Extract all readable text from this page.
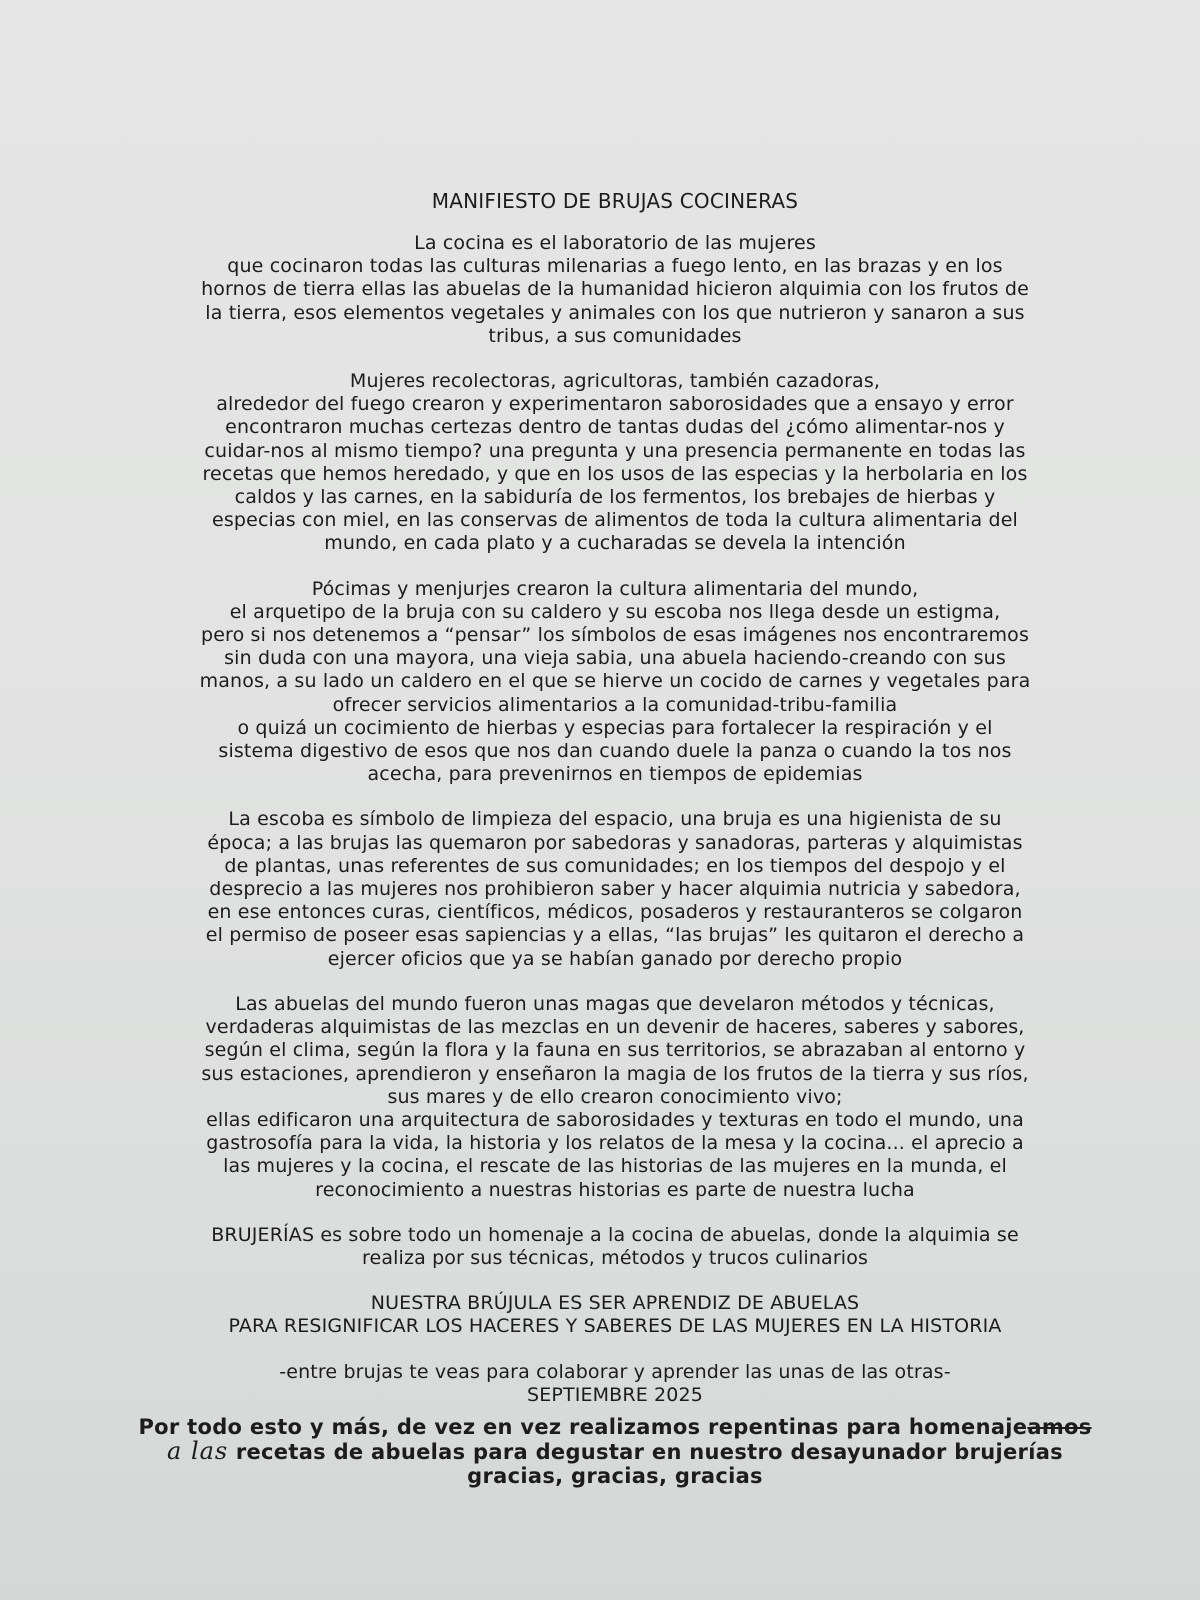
MANIFIESTO DE BRUJAS COCINERAS
La cocina es el laboratorio de las mujeres
que cocinaron todas las culturas milenarias a fuego lento, en las brazas y en los
hornos de tierra ellas las abuelas de la humanidad hicieron alquimia con los frutos de
la tierra, esos elementos vegetales y animales con los que nutrieron y sanaron a sus
tribus, a sus comunidades
Mujeres recolectoras, agricultoras, también cazadoras,
alrededor del fuego crearon y experimentaron saborosidades que a ensayo y error
encontraron muchas certezas dentro de tantas dudas del ¿cómo alimentar-nos y
cuidar-nos al mismo tiempo? una pregunta y una presencia permanente en todas las
recetas que hemos heredado, y que en los usos de las especias y la herbolaria en los
caldos y las carnes, en la sabiduría de los fermentos, los brebajes de hierbas y
especias con miel, en las conservas de alimentos de toda la cultura alimentaria del
mundo, en cada plato y a cucharadas se devela la intención
Pócimas y menjurjes crearon la cultura alimentaria del mundo,
el arquetipo de la bruja con su caldero y su escoba nos llega desde un estigma,
pero si nos detenemos a “pensar” los símbolos de esas imágenes nos encontraremos
sin duda con una mayora, una vieja sabia, una abuela haciendo-creando con sus
manos, a su lado un caldero en el que se hierve un cocido de carnes y vegetales para
ofrecer servicios alimentarios a la comunidad-tribu-familia
o quizá un cocimiento de hierbas y especias para fortalecer la respiración y el
sistema digestivo de esos que nos dan cuando duele la panza o cuando la tos nos
acecha, para prevenirnos en tiempos de epidemias
La escoba es símbolo de limpieza del espacio, una bruja es una higienista de su
época; a las brujas las quemaron por sabedoras y sanadoras, parteras y alquimistas
de plantas, unas referentes de sus comunidades; en los tiempos del despojo y el
desprecio a las mujeres nos prohibieron saber y hacer alquimia nutricia y sabedora,
en ese entonces curas, científicos, médicos, posaderos y restauranteros se colgaron
el permiso de poseer esas sapiencias y a ellas, “las brujas” les quitaron el derecho a
ejercer oficios que ya se habían ganado por derecho propio
Las abuelas del mundo fueron unas magas que develaron métodos y técnicas,
verdaderas alquimistas de las mezclas en un devenir de haceres, saberes y sabores,
según el clima, según la flora y la fauna en sus territorios, se abrazaban al entorno y
sus estaciones, aprendieron y enseñaron la magia de los frutos de la tierra y sus ríos,
sus mares y de ello crearon conocimiento vivo;
ellas edificaron una arquitectura de saborosidades y texturas en todo el mundo, una
gastrosofía para la vida, la historia y los relatos de la mesa y la cocina... el aprecio a
las mujeres y la cocina, el rescate de las historias de las mujeres en la munda, el
reconocimiento a nuestras historias es parte de nuestra lucha
BRUJERÍAS es sobre todo un homenaje a la cocina de abuelas, donde la alquimia se
realiza por sus técnicas, métodos y trucos culinarios
NUESTRA BRÚJULA ES SER APRENDIZ DE ABUELAS
PARA RESIGNIFICAR LOS HACERES Y SABERES DE LAS MUJERES EN LA HISTORIA
-entre brujas te veas para colaborar y aprender las unas de las otras-
SEPTIEMBRE 2025
Por todo esto y más, de vez en vez realizamos repentinas para homenajeamos
a las recetas de abuelas para degustar en nuestro desayunador brujerías
gracias, gracias, gracias
